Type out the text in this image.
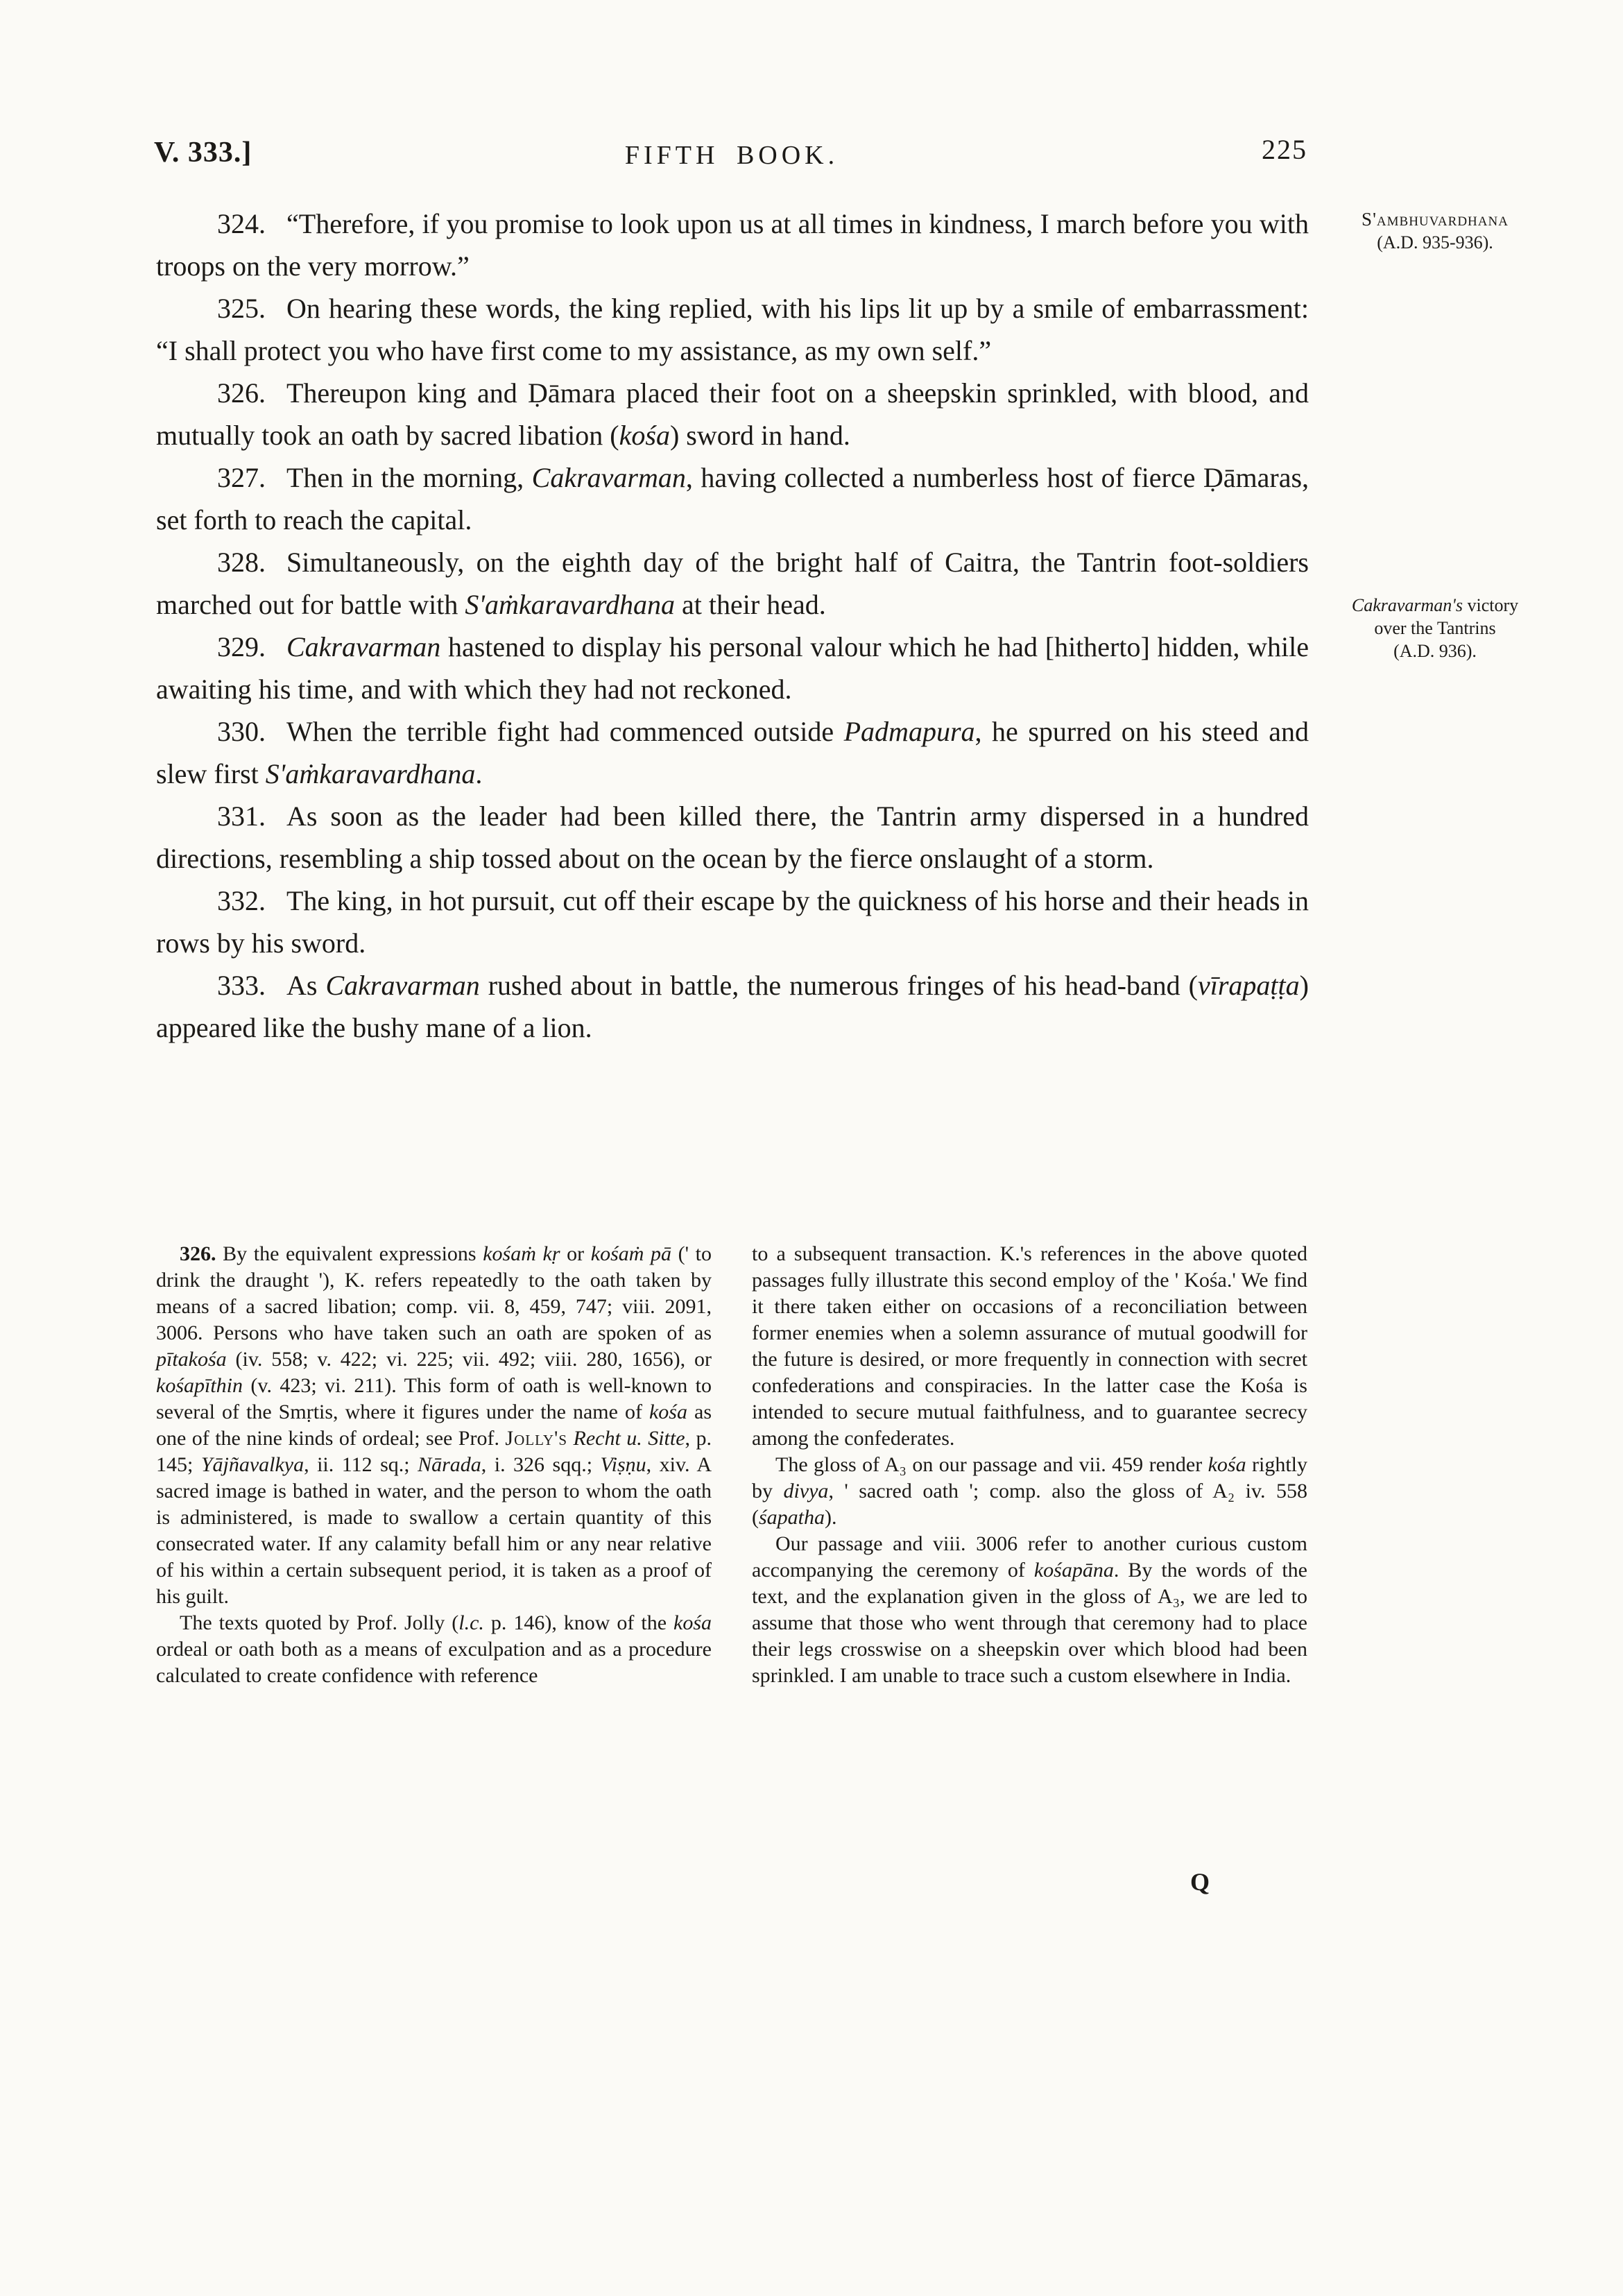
V. 333.]	FIFTH BOOK.	225

324. “Therefore, if you promise to look upon us at all times in kindness, I march before you with troops on the very morrow.”

325. On hearing these words, the king replied, with his lips lit up by a smile of embarrassment: “I shall protect you who have first come to my assistance, as my own self.”

326. Thereupon king and Ḍāmara placed their foot on a sheepskin sprinkled, with blood, and mutually took an oath by sacred libation (kośa) sword in hand.

327. Then in the morning, Cakravarman, having collected a numberless host of fierce Ḍāmaras, set forth to reach the capital.

328. Simultaneously, on the eighth day of the bright half of Caitra, the Tantrin foot-soldiers marched out for battle with S'aṁkaravardhana at their head.

329. Cakravarman hastened to display his personal valour which he had [hitherto] hidden, while awaiting his time, and with which they had not reckoned.

330. When the terrible fight had commenced outside Padmapura, he spurred on his steed and slew first S'aṁkaravardhana.

331. As soon as the leader had been killed there, the Tantrin army dispersed in a hundred directions, resembling a ship tossed about on the ocean by the fierce onslaught of a storm.

332. The king, in hot pursuit, cut off their escape by the quickness of his horse and their heads in rows by his sword.

333. As Cakravarman rushed about in battle, the numerous fringes of his head-band (vīrapaṭṭa) appeared like the bushy mane of a lion.

S'ambhuvardhana
(A.D. 935-936).
Cakravarman's victory
over the Tantrins
(A.D. 936).

326. By the equivalent expressions kośaṁ kṛ or kośaṁ pā (' to drink the draught '), K. refers repeatedly to the oath taken by means of a sacred libation; comp. vii. 8, 459, 747; viii. 2091, 3006. Persons who have taken such an oath are spoken of as pītakośa (iv. 558; v. 422; vi. 225; vii. 492; viii. 280, 1656), or kośapīthin (v. 423; vi. 211). This form of oath is well-known to several of the Smṛtis, where it figures under the name of kośa as one of the nine kinds of ordeal; see Prof. Jolly's Recht u. Sitte, p. 145; Yājñavalkya, ii. 112 sq.; Nārada, i. 326 sqq.; Viṣṇu, xiv. A sacred image is bathed in water, and the person to whom the oath is administered, is made to swallow a certain quantity of this consecrated water. If any calamity befall him or any near relative of his within a certain subsequent period, it is taken as a proof of his guilt.

The texts quoted by Prof. Jolly (l.c. p. 146), know of the kośa ordeal or oath both as a means of exculpation and as a procedure calculated to create confidence with reference

to a subsequent transaction. K.'s references in the above quoted passages fully illustrate this second employ of the ' Kośa.' We find it there taken either on occasions of a reconciliation between former enemies when a solemn assurance of mutual goodwill for the future is desired, or more frequently in connection with secret confederations and conspiracies. In the latter case the Kośa is intended to secure mutual faithfulness, and to guarantee secrecy among the confederates.

The gloss of A₃ on our passage and vii. 459 render kośa rightly by divya, ' sacred oath '; comp. also the gloss of A₂ iv. 558 (śapatha).

Our passage and viii. 3006 refer to another curious custom accompanying the ceremony of kośapāna. By the words of the text, and the explanation given in the gloss of A₃, we are led to assume that those who went through that ceremony had to place their legs crosswise on a sheepskin over which blood had been sprinkled. I am unable to trace such a custom elsewhere in India.

Q
